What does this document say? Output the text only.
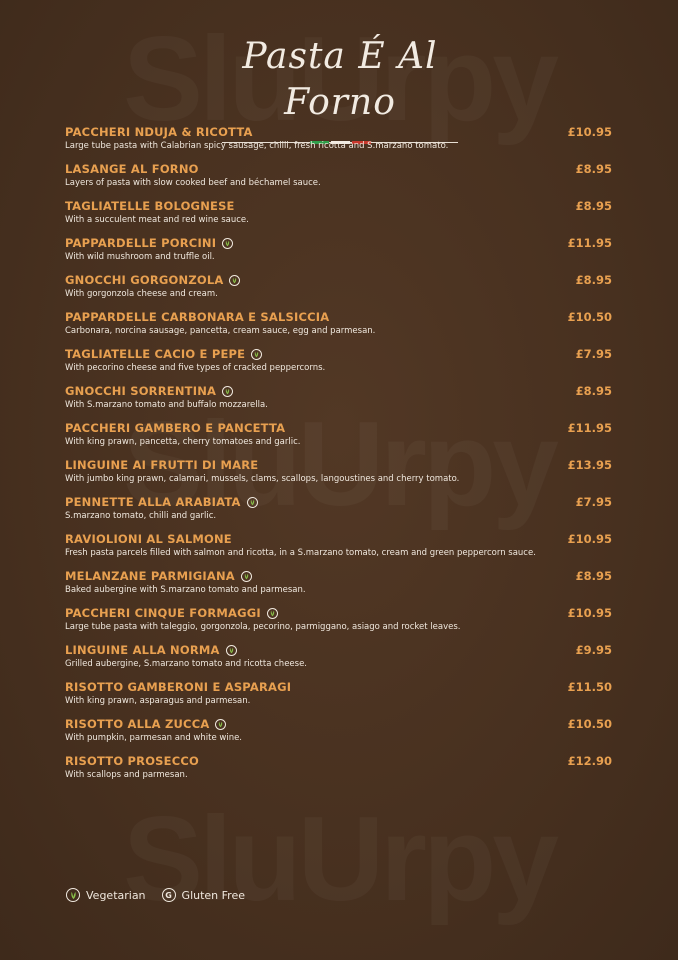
Pasta É Al Forno
PACCHERI NDUJA & RICOTTA	£10.95
Large tube pasta with Calabrian spicy sausage, chilli, fresh ricotta and S.marzano tomato.
LASANGE AL FORNO	£8.95
Layers of pasta with slow cooked beef and béchamel sauce.
TAGLIATELLE BOLOGNESE	£8.95
With a succulent meat and red wine sauce.
PAPPARDELLE PORCINI	£11.95
With wild mushroom and truffle oil.
GNOCCHI GORGONZOLA	£8.95
With gorgonzola cheese and cream.
PAPPARDELLE CARBONARA E SALSICCIA	£10.50
Carbonara, norcina sausage, pancetta, cream sauce, egg and parmesan.
TAGLIATELLE CACIO E PEPE	£7.95
With pecorino cheese and five types of cracked peppercorns.
GNOCCHI SORRENTINA	£8.95
With S.marzano tomato and buffalo mozzarella.
PACCHERI GAMBERO E PANCETTA	£11.95
With king prawn, pancetta, cherry tomatoes and garlic.
LINGUINE AI FRUTTI DI MARE	£13.95
With jumbo king prawn, calamari, mussels, clams, scallops, langoustines and cherry tomato.
PENNETTE ALLA ARABIATA	£7.95
S.marzano tomato, chilli and garlic.
RAVIOLIONI AL SALMONE	£10.95
Fresh pasta parcels filled with salmon and ricotta, in a S.marzano tomato, cream and green peppercorn sauce.
MELANZANE PARMIGIANA	£8.95
Baked aubergine with S.marzano tomato and parmesan.
PACCHERI CINQUE FORMAGGI	£10.95
Large tube pasta with taleggio, gorgonzola, pecorino, parmiggano, asiago and rocket leaves.
LINGUINE ALLA NORMA	£9.95
Grilled aubergine, S.marzano tomato and ricotta cheese.
RISOTTO GAMBERONI E ASPARAGI	£11.50
With king prawn, asparagus and parmesan.
RISOTTO ALLA ZUCCA	£10.50
With pumpkin, parmesan and white wine.
RISOTTO PROSECCO	£12.90
With scallops and parmesan.
Vegetarian	G Gluten Free
